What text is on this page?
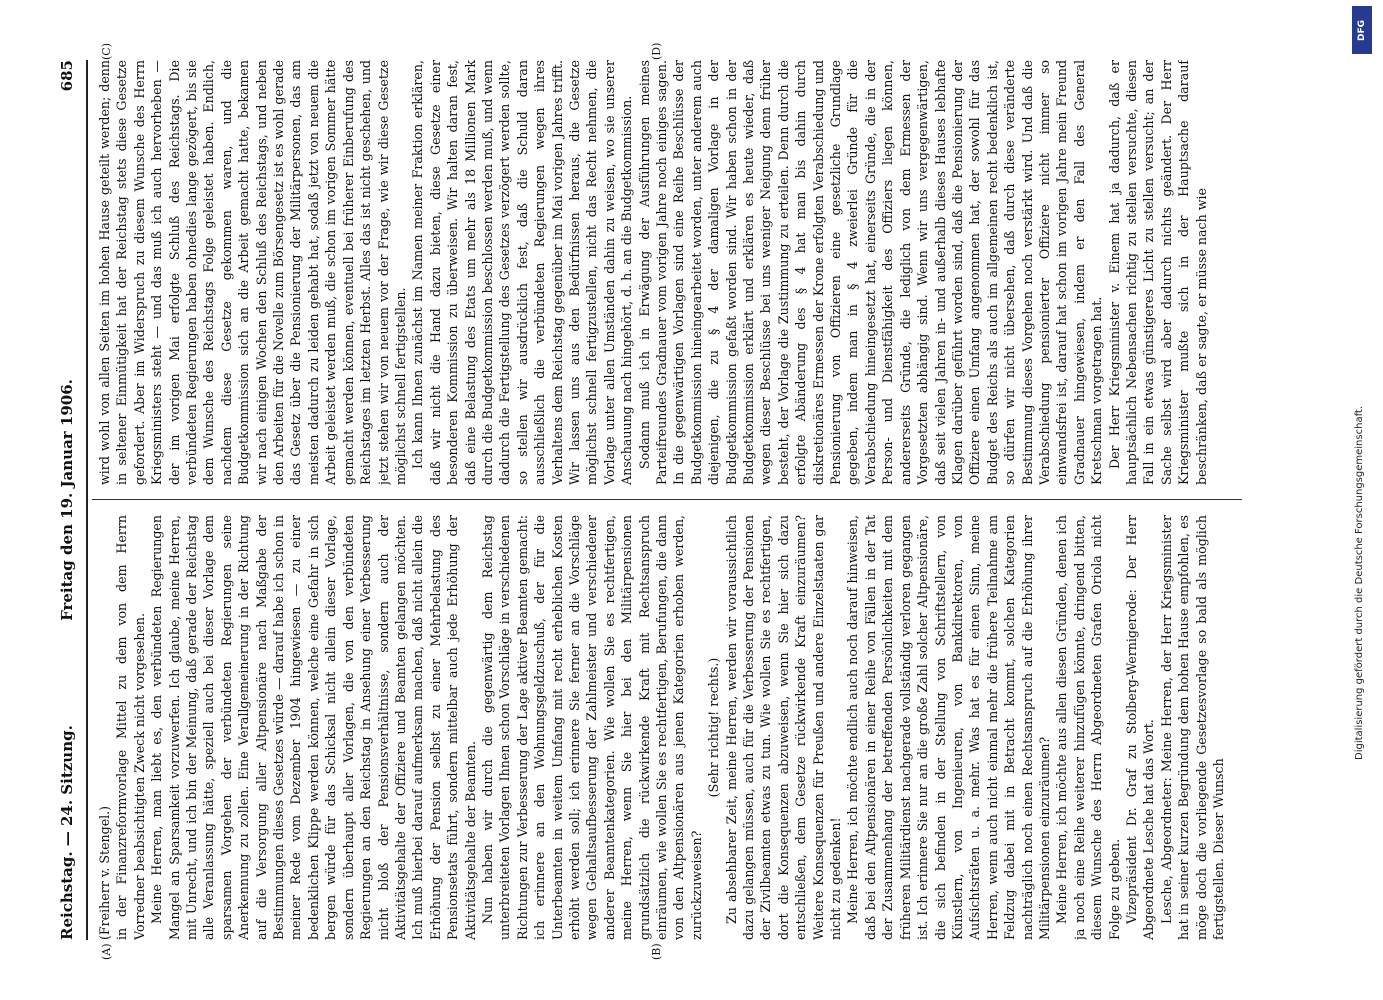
Reichstag. — 24. Sitzung.
Freitag den 19. Januar 1906.
685
(A)	(B)
(C)	(D)

(Freiherr v. Stengel.) in der Finanzreformvorlage Mittel zu dem von dem Herrn Vorredner beabsichtigten Zweck nicht vorgesehen. Meine Herren, man liebt es, den verbündeten Regierungen Mangel an Sparsamkeit vorzuwerfen. Ich glaube, meine Herren, mit Unrecht, und ich bin der Meinung, daß gerade der Reichstag alle Veranlassung hätte, speziell auch bei dieser Vorlage dem sparsamen Vorgehen der verbündeten Regierungen seine Anerkennung zu zollen. Eine Verallgemeinerung in der Richtung auf die Versorgung aller Altpensionäre nach Maßgabe der Bestimmungen dieses Gesetzes würde — darauf habe ich schon in meiner Rede vom Dezember 1904 hingewiesen — zu einer bedenklichen Klippe werden können, welche eine Gefahr in sich bergen würde für das Schicksal nicht allein dieser Vorlage, sondern überhaupt aller Vorlagen, die von den verbündeten Regierungen an den Reichstag in Ansehung einer Verbesserung nicht bloß der Pensionsverhältnisse, sondern auch der Aktivitätsgehalte der Offiziere und Beamten gelangen möchten. Ich muß hierbei darauf aufmerksam machen, daß nicht allein die Erhöhung der Pension selbst zu einer Mehrbelastung des Pensionsetats führt, sondern mittelbar auch jede Erhöhung der Aktivitätsgehalte der Beamten. Nun haben wir durch die gegenwärtig dem Reichstag unterbreiteten Vorlagen Ihnen schon Vorschläge in verschiedenen Richtungen zur Verbesserung der Lage aktiver Beamten gemacht: ich erinnere an den Wohnungsgeldzuschuß, der für die Unterbeamten in weitem Umfang mit recht erheblichen Kosten erhöht werden soll; ich erinnere Sie ferner an die Vorschläge wegen Gehaltsaufbesserung der Zahlmeister und verschiedener anderer Beamtenkategorien. Wie wollen Sie es rechtfertigen, meine Herren, wenn Sie hier bei den Militärpensionen grundsätzlich die rückwirkende Kraft mit Rechtsanspruch einräumen, wie wollen Sie es rechtfertigen, Berufungen, die dann von den Altpensionären aus jenen Kategorien erhoben werden, zurückzuweisen?

(Sehr richtig! rechts.) Zu absehbarer Zeit, meine Herren, werden wir voraussichtlich dazu gelangen müssen, auch für die Verbesserung der Pensionen der Zivilbeamten etwas zu tun. Wie wollen Sie es rechtfertigen, dort die Konsequenzen abzuweisen, wenn Sie hier sich dazu entschließen, dem Gesetze rückwirkende Kraft einzuräumen? Weitere Konsequenzen für Preußen und andere Einzelstaaten gar nicht zu gedenken! Meine Herren, ich möchte endlich auch noch darauf hinweisen, daß bei den Altpensionären in einer Reihe von Fällen in der Tat der Zusammenhang der betreffenden Persönlichkeiten mit dem früheren Militärdienst nachgerade vollständig verloren gegangen ist. Ich erinnere Sie nur an die große Zahl solcher Altpensionäre, die sich befinden in der Stellung von Schriftstellern, von Künstlern, von Ingenieuren, von Bankdirektoren, von Aufsichtsräten u. a. mehr. Was hat es für einen Sinn, meine Herren, wenn auch nicht einmal mehr die frühere Teilnahme am Feldzug dabei mit in Betracht kommt, solchen Kategorien nachträglich noch einen Rechtsanspruch auf die Erhöhung ihrer Militärpensionen einzuräumen? Meine Herren, ich möchte aus allen diesen Gründen, denen ich ja noch eine Reihe weiterer hinzufügen könnte, dringend bitten, diesem Wunsche des Herrn Abgeordneten Grafen Oriola nicht Folge zu geben. Vizepräsident Dr. Graf zu Stolberg-Wernigerode: Der Herr Abgeordnete Lesche hat das Wort. Lesche, Abgeordneter: Meine Herren, der Herr Kriegsminister hat in seiner kurzen Begründung dem hohen Hause empfohlen, es möge doch die vorliegende Gesetzesvorlage so bald als möglich fertigstellen. Dieser Wunsch

wird wohl von allen Seiten im hohen Hause geteilt werden; denn in seltener Einmütigkeit hat der Reichstag stets diese Gesetze gefordert. Aber im Widerspruch zu diesem Wunsche des Herrn Kriegsministers steht — und das muß ich auch hervorheben — der im vorigen Mai erfolgte Schluß des Reichstags. Die verbündeten Regierungen haben ohnedies lange gezögert, bis sie dem Wunsche des Reichstags Folge geleistet haben. Endlich, nachdem diese Gesetze gekommen waren, und die Budgetkommission sich an die Arbeit gemacht hatte, bekamen wir nach einigen Wochen den Schluß des Reichstags, und neben den Arbeiten für die Novelle zum Börsengesetz ist es wohl gerade das Gesetz über die Pensionierung der Militärpersonen, das am meisten dadurch zu leiden gehabt hat, sodaß jetzt von neuem die Arbeit geleistet werden muß, die schon im vorigen Sommer hätte gemacht werden können, eventuell bei früherer Einberufung des Reichstages im letzten Herbst. Alles das ist nicht geschehen, und jetzt stehen wir von neuem vor der Frage, wie wir diese Gesetze möglichst schnell fertigstellen. Ich kann Ihnen zunächst im Namen meiner Fraktion erklären, daß wir nicht die Hand dazu bieten, diese Gesetze einer besonderen Kommission zu überweisen. Wir halten daran fest, daß eine Belastung des Etats um mehr als 18 Millionen Mark durch die Budgetkommission beschlossen werden muß, und wenn dadurch die Fertigstellung des Gesetzes verzögert werden sollte, so stellen wir ausdrücklich fest, daß die Schuld daran ausschließlich die verbündeten Regierungen wegen ihres Verhaltens dem Reichstag gegenüber im Mai vorigen Jahres trifft. Wir lassen uns aus den Bedürfnissen heraus, die Gesetze möglichst schnell fertigzustellen, nicht das Recht nehmen, die Vorlage unter allen Umständen dahin zu weisen, wo sie unserer Anschauung nach hingehört, d. h. an die Budgetkommission. Sodann muß ich in Erwägung der Ausführungen meines Parteifreundes Gradnauer vom vorigen Jahre noch einiges sagen. In die gegenwärtigen Vorlagen sind eine Reihe Beschlüsse der Budgetkommission hineingearbeitet worden, unter anderem auch diejenigen, die zu § 4 der damaligen Vorlage in der Budgetkommission gefaßt worden sind. Wir haben schon in der Budgetkommission erklärt und erklären es heute wieder, daß wegen dieser Beschlüsse bei uns weniger Neigung denn früher besteht, der Vorlage die Zustimmung zu erteilen. Denn durch die erfolgte Abänderung des § 4 hat man bis dahin durch diskretionäres Ermessen der Krone erfolgten Verabschiedung und Pensionierung von Offizieren eine gesetzliche Grundlage gegeben, indem man in § 4 zweierlei Gründe für die Verabschiedung hineingesetzt hat, einerseits Gründe, die in der Person- und Dienstfähigkeit des Offiziers liegen können, andererseits Gründe, die lediglich von dem Ermessen der Vorgesetzten abhängig sind. Wenn wir uns vergegenwärtigen, daß seit vielen Jahren in- und außerhalb dieses Hauses lebhafte Klagen darüber geführt worden sind, daß die Pensionierung der Offiziere einen Umfang angenommen hat, der sowohl für das Budget des Reichs als auch im allgemeinen recht bedenklich ist, so dürfen wir nicht übersehen, daß durch diese veränderte Bestimmung dieses Vorgehen noch verstärkt wird. Und daß die Verabschiedung pensionierter Offiziere nicht immer so einwandsfrei ist, darauf hat schon im vorigen Jahre mein Freund Gradnauer hingewiesen, indem er den Fall des General Kretschman vorgetragen hat. Der Herr Kriegsminister v. Einem hat ja dadurch, daß er hauptsächlich Nebensachen richtig zu stellen versuchte, diesen Fall in ein etwas günstigeres Licht zu stellen versucht; an der Sache selbst wird aber dadurch nichts geändert. Der Herr Kriegsminister mußte sich in der Hauptsache darauf beschränken, daß er sagte, er müsse nach wie

DFG
Digitalisierung gefördert durch die Deutsche Forschungsgemeinschaft.
